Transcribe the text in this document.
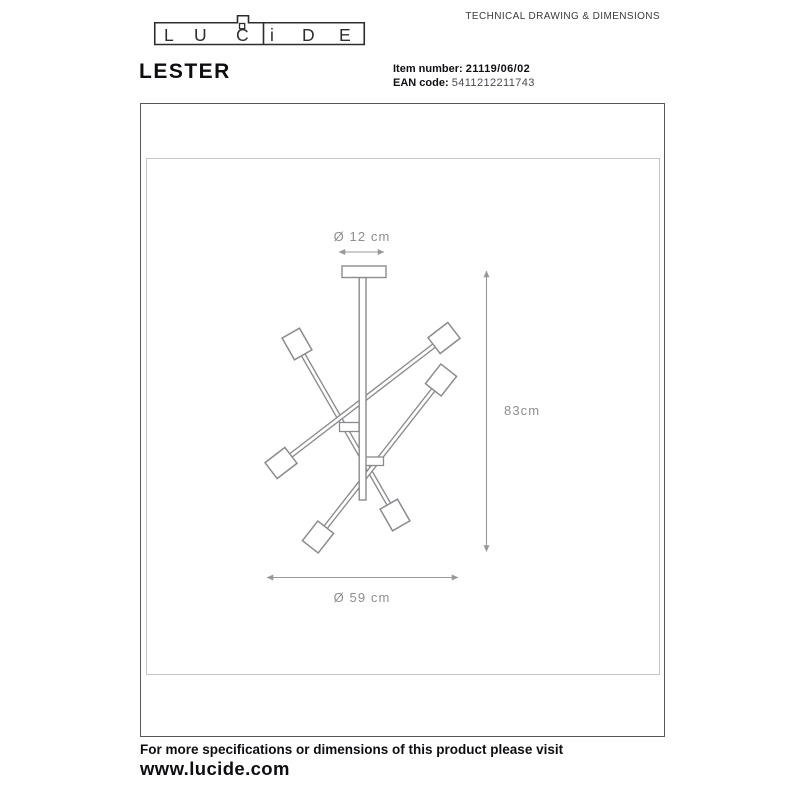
L U C i D E
TECHNICAL DRAWING & DIMENSIONS
LESTER	Item number: 21119/06/02
EAN code: 5411212211743
Ø 12 cm
83cm
Ø 59 cm
For more specifications or dimensions of this product please visit
www.lucide.com
